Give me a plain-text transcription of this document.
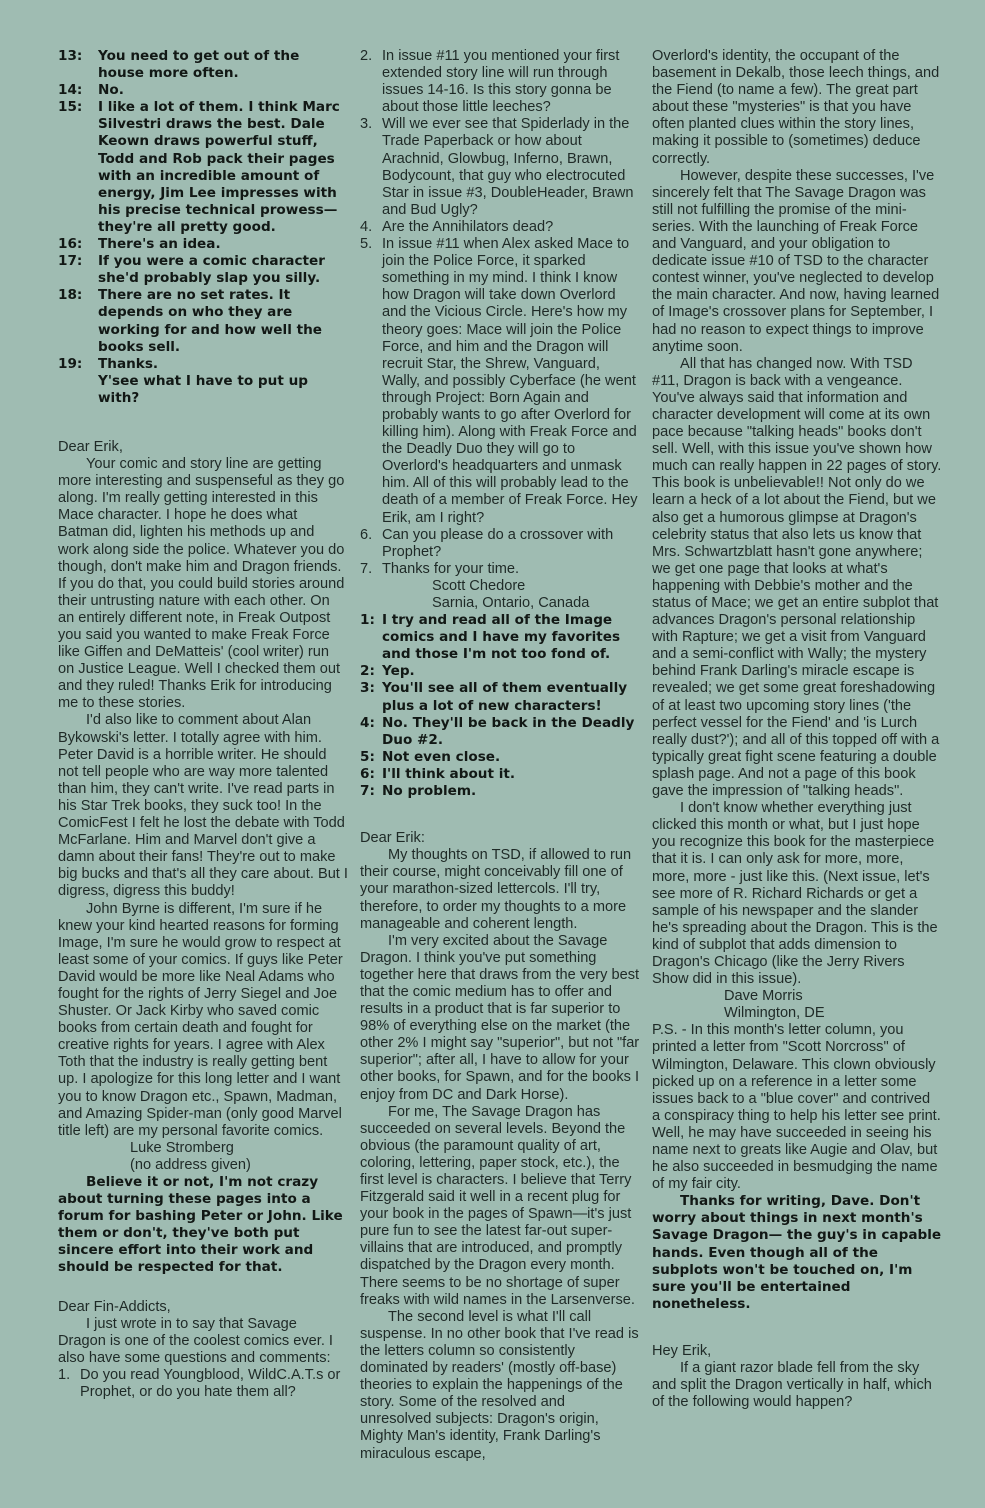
13:	You need to get out of the house more often.
14:	No.
15:	I like a lot of them. I think Marc Silvestri draws the best. Dale Keown draws powerful stuff, Todd and Rob pack their pages with an incredible amount of energy, Jim Lee impresses with his precise technical prowess— they're all pretty good.
16:	There's an idea.
17:	If you were a comic character she'd probably slap you silly.
18:	There are no set rates. It depends on who they are working for and how well the books sell.
19:	Thanks.
Y'see what I have to put up with?

Dear Erik,

Your comic and story line are getting more interesting and suspenseful as they go along. I'm really getting interested in this Mace character. I hope he does what Batman did, lighten his methods up and work along side the police. Whatever you do though, don't make him and Dragon friends. If you do that, you could build stories around their untrusting nature with each other. On an entirely different note, in Freak Outpost you said you wanted to make Freak Force like Giffen and DeMatteis' (cool writer) run on Justice League. Well I checked them out and they ruled! Thanks Erik for introducing me to these stories.

I'd also like to comment about Alan Bykowski's letter. I totally agree with him. Peter David is a horrible writer. He should not tell people who are way more talented than him, they can't write. I've read parts in his Star Trek books, they suck too! In the ComicFest I felt he lost the debate with Todd McFarlane. Him and Marvel don't give a damn about their fans! They're out to make big bucks and that's all they care about. But I digress, digress this buddy!

John Byrne is different, I'm sure if he knew your kind hearted reasons for forming Image, I'm sure he would grow to respect at least some of your comics. If guys like Peter David would be more like Neal Adams who fought for the rights of Jerry Siegel and Joe Shuster. Or Jack Kirby who saved comic books from certain death and fought for creative rights for years. I agree with Alex Toth that the industry is really getting bent up. I apologize for this long letter and I want you to know Dragon etc., Spawn, Madman, and Amazing Spider-man (only good Marvel title left) are my personal favorite comics.

Luke Stromberg

(no address given)

Believe it or not, I'm not crazy about turning these pages into a forum for bashing Peter or John. Like them or don't, they've both put sincere effort into their work and should be respected for that.

Dear Fin-Addicts,

I just wrote in to say that Savage Dragon is one of the coolest comics ever. I also have some questions and comments:

1. Do you read Youngblood, WildC.A.T.s or Prophet, or do you hate them all?
2. In issue #11 you mentioned your first extended story line will run through issues 14-16. Is this story gonna be about those little leeches?
3. Will we ever see that Spiderlady in the Trade Paperback or how about Arachnid, Glowbug, Inferno, Brawn, Bodycount, that guy who electrocuted Star in issue #3, DoubleHeader, Brawn and Bud Ugly?
4. Are the Annihilators dead?
5. In issue #11 when Alex asked Mace to join the Police Force, it sparked something in my mind. I think I know how Dragon will take down Overlord and the Vicious Circle. Here's how my theory goes: Mace will join the Police Force, and him and the Dragon will recruit Star, the Shrew, Vanguard, Wally, and possibly Cyberface (he went through Project: Born Again and probably wants to go after Overlord for killing him). Along with Freak Force and the Deadly Duo they will go to Overlord's headquarters and unmask him. All of this will probably lead to the death of a member of Freak Force. Hey Erik, am I right?
6. Can you please do a crossover with Prophet?
7. Thanks for your time.

Scott Chedore

Sarnia, Ontario, Canada

1: I try and read all of the Image comics and I have my favorites and those I'm not too fond of.
2: Yep.
3: You'll see all of them eventually plus a lot of new characters!
4: No. They'll be back in the Deadly Duo #2.
5: Not even close.
6: I'll think about it.
7: No problem.

Dear Erik:

My thoughts on TSD, if allowed to run their course, might conceivably fill one of your marathon-sized lettercols. I'll try, therefore, to order my thoughts to a more manageable and coherent length.

I'm very excited about the Savage Dragon. I think you've put something together here that draws from the very best that the comic medium has to offer and results in a product that is far superior to 98% of everything else on the market (the other 2% I might say "superior", but not "far superior"; after all, I have to allow for your other books, for Spawn, and for the books I enjoy from DC and Dark Horse).

For me, The Savage Dragon has succeeded on several levels. Beyond the obvious (the paramount quality of art, coloring, lettering, paper stock, etc.), the first level is characters. I believe that Terry Fitzgerald said it well in a recent plug for your book in the pages of Spawn—it's just pure fun to see the latest far-out super-villains that are introduced, and promptly dispatched by the Dragon every month. There seems to be no shortage of super freaks with wild names in the Larsenverse.

The second level is what I'll call suspense. In no other book that I've read is the letters column so consistently dominated by readers' (mostly off-base) theories to explain the happenings of the story. Some of the resolved and unresolved subjects: Dragon's origin, Mighty Man's identity, Frank Darling's miraculous escape,

Overlord's identity, the occupant of the basement in Dekalb, those leech things, and the Fiend (to name a few). The great part about these "mysteries" is that you have often planted clues within the story lines, making it possible to (sometimes) deduce correctly.

However, despite these successes, I've sincerely felt that The Savage Dragon was still not fulfilling the promise of the mini-series. With the launching of Freak Force and Vanguard, and your obligation to dedicate issue #10 of TSD to the character contest winner, you've neglected to develop the main character. And now, having learned of Image's crossover plans for September, I had no reason to expect things to improve anytime soon.

All that has changed now. With TSD #11, Dragon is back with a vengeance. You've always said that information and character development will come at its own pace because "talking heads" books don't sell. Well, with this issue you've shown how much can really happen in 22 pages of story. This book is unbelievable!! Not only do we learn a heck of a lot about the Fiend, but we also get a humorous glimpse at Dragon's celebrity status that also lets us know that Mrs. Schwartzblatt hasn't gone anywhere; we get one page that looks at what's happening with Debbie's mother and the status of Mace; we get an entire subplot that advances Dragon's personal relationship with Rapture; we get a visit from Vanguard and a semi-conflict with Wally; the mystery behind Frank Darling's miracle escape is revealed; we get some great foreshadowing of at least two upcoming story lines ('the perfect vessel for the Fiend' and 'is Lurch really dust?'); and all of this topped off with a typically great fight scene featuring a double splash page. And not a page of this book gave the impression of "talking heads".

I don't know whether everything just clicked this month or what, but I just hope you recognize this book for the masterpiece that it is. I can only ask for more, more, more, more - just like this. (Next issue, let's see more of R. Richard Richards or get a sample of his newspaper and the slander he's spreading about the Dragon. This is the kind of subplot that adds dimension to Dragon's Chicago (like the Jerry Rivers Show did in this issue).

Dave Morris

Wilmington, DE

P.S. - In this month's letter column, you printed a letter from "Scott Norcross" of Wilmington, Delaware. This clown obviously picked up on a reference in a letter some issues back to a "blue cover" and contrived a conspiracy thing to help his letter see print. Well, he may have succeeded in seeing his name next to greats like Augie and Olav, but he also succeeded in besmudging the name of my fair city.

Thanks for writing, Dave. Don't worry about things in next month's Savage Dragon— the guy's in capable hands. Even though all of the subplots won't be touched on, I'm sure you'll be entertained nonetheless.

Hey Erik,

If a giant razor blade fell from the sky and split the Dragon vertically in half, which of the following would happen?
